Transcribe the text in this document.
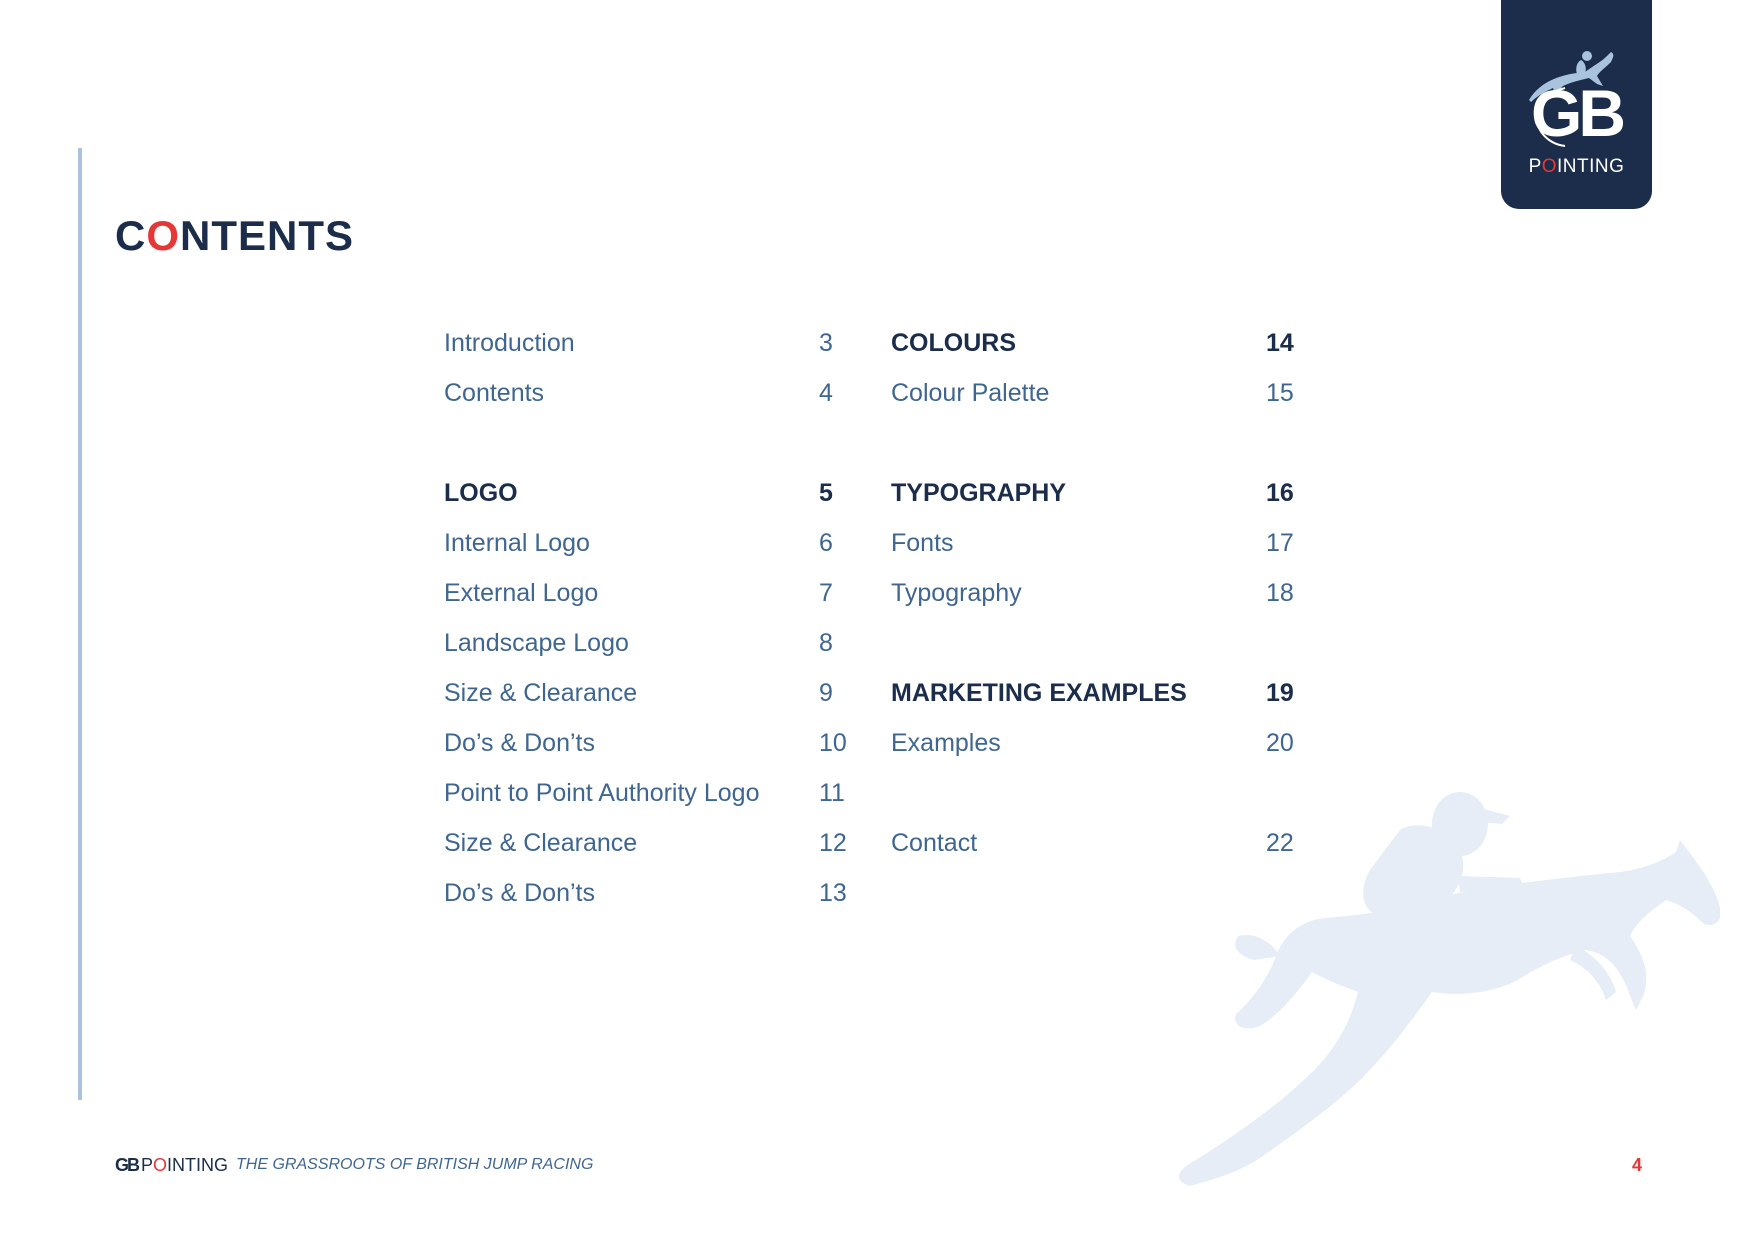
CONTENTS
GB
POINTING
Introduction	3
Contents	4
LOGO	5
Internal Logo	6
External Logo	7
Landscape Logo	8
Size & Clearance	9
Do’s & Don’ts	10
Point to Point Authority Logo 11
Size & Clearance	12
Do’s & Don’ts	13
COLOURS	14
Colour Palette	15
TYPOGRAPHY	16
Fonts	17
Typography	18
MARKETING EXAMPLES	19
Examples	20
Contact	22
GB POINTING THE GRASSROOTS OF BRITISH JUMP RACING	4
